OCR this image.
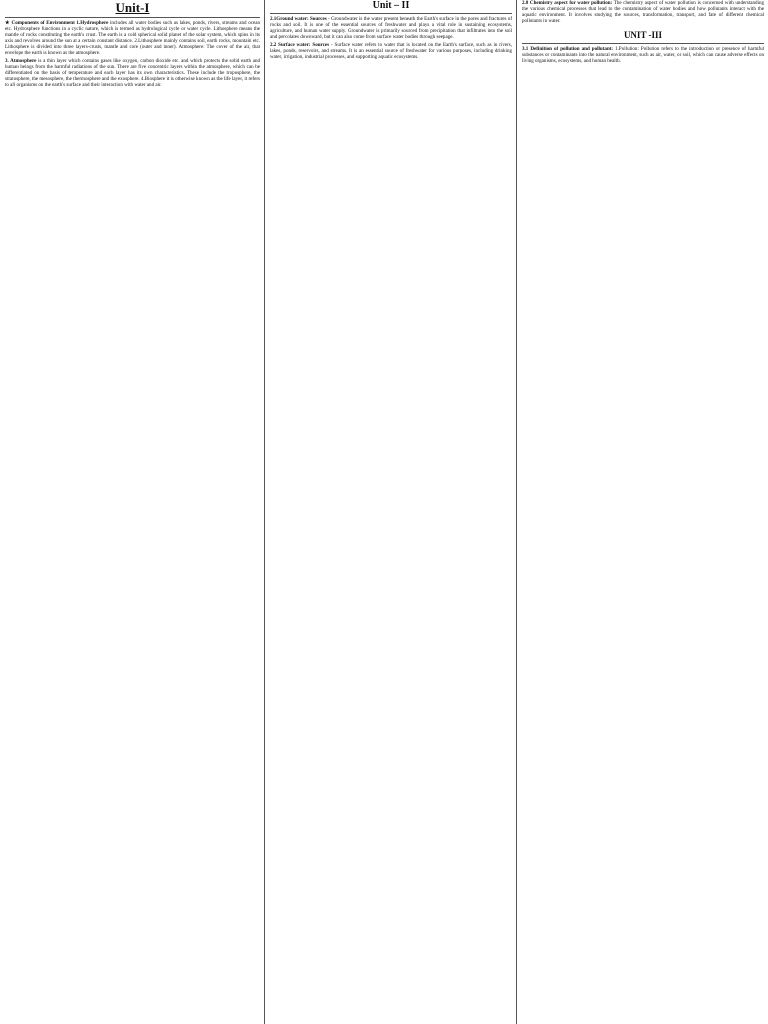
Unit-I

★ Components of Environment 1.Hydrosphere includes all water bodies such as lakes, ponds, rivers, streams and ocean etc. Hydrosphere functions in a cyclic nature, which is termed as hydrological cycle or water cycle. Lithosphere means the mantle of rocks constituting the earth's crust. The earth is a cold spherical solid planet of the solar system, which spins in its axis and revolves around the sun at a certain constant distance. 2.Lithosphere mainly contains soil, earth rocks, mountain etc. Lithosphere is divided into three layers-crusts, mantle and core (outer and inner). Atmosphere: The cover of the air, that envelope the earth is known as the atmosphere.

3. Atmosphere is a thin layer which contains gases like oxygen, carbon dioxide etc. and which protects the solid earth and human beings from the harmful radiations of the sun. There are five concentric layers within the atmosphere, which can be differentiated on the basis of temperature and each layer has its own characteristics. These include the troposphere, the stratosphere, the mesosphere, the thermosphere and the exosphere. 4.Biosphere it is otherwise known as the life layer, it refers to all organisms on the earth's surface and their interaction with water and air.

Unit – II

2.1Ground water: Sources - Groundwater is the water present beneath the Earth's surface in the pores and fractures of rocks and soil. It is one of the essential sources of freshwater and plays a vital role in sustaining ecosystems, agriculture, and human water supply. Groundwater is primarily sourced from precipitation that infiltrates into the soil and percolates downward, but it can also come from surface water bodies through seepage.

2.2 Surface water: Sources - Surface water refers to water that is located on the Earth's surface, such as in rivers, lakes, ponds, reservoirs, and streams. It is an essential source of freshwater for various purposes, including drinking water, irrigation, industrial processes, and supporting aquatic ecosystems.

2.8 Chemistry aspect for water pollution: The chemistry aspect of water pollution is concerned with understanding the various chemical processes that lead to the contamination of water bodies and how pollutants interact with the aquatic environment. It involves studying the sources, transformation, transport, and fate of different chemical pollutants in water.

UNIT -III

3.1 Definition of pollution and pollutant: 1.Pollution: Pollution refers to the introduction or presence of harmful substances or contaminants into the natural environment, such as air, water, or soil, which can cause adverse effects on living organisms, ecosystems, and human health.
